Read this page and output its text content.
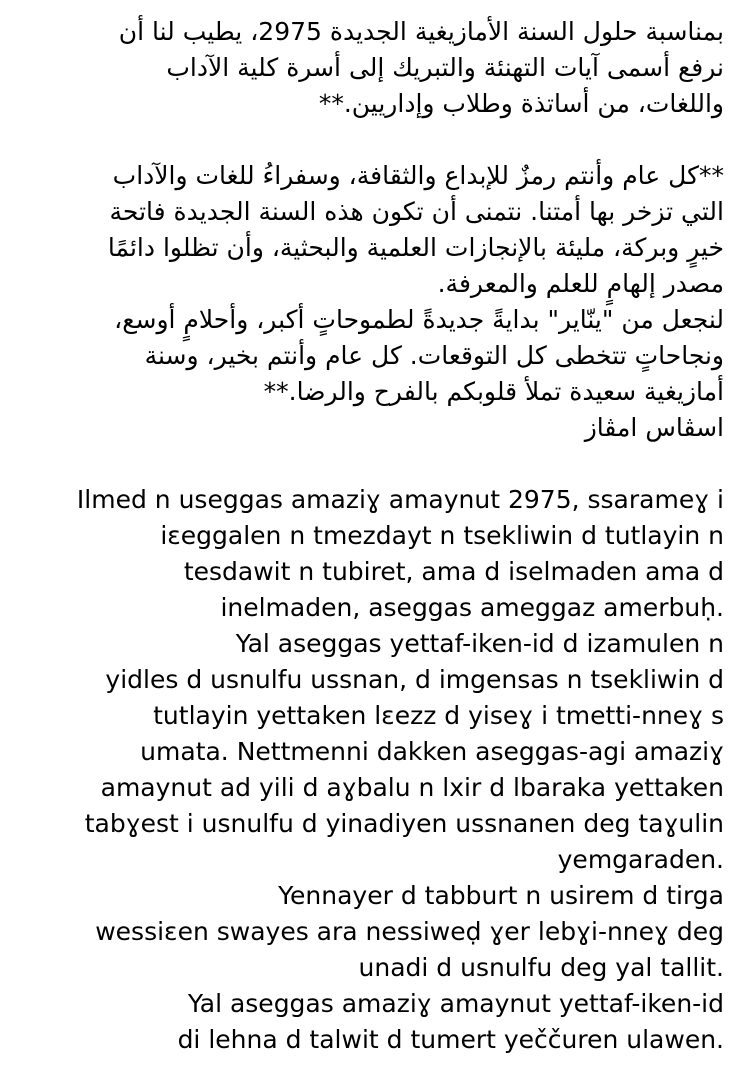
بمناسبة حلول السنة الأمازيغية الجديدة 2975، يطيب لنا أن
نرفع أسمى آيات التهنئة والتبريك إلى أسرة كلية الآداب
واللغات، من أساتذة وطلاب وإداريين.**

**كل عام وأنتم رمزٌ للإبداع والثقافة، وسفراءُ للغات والآداب
التي تزخر بها أمتنا. نتمنى أن تكون هذه السنة الجديدة فاتحة
خيرٍ وبركة، مليئة بالإنجازات العلمية والبحثية، وأن تظلوا دائمًا
مصدر إلهامٍ للعلم والمعرفة.

لنجعل من "ينّاير" بدايةً جديدةً لطموحاتٍ أكبر، وأحلامٍ أوسع،
ونجاحاتٍ تتخطى كل التوقعات. كل عام وأنتم بخير، وسنة
أمازيغية سعيدة تملأ قلوبكم بالفرح والرضا.**

اسڨاس امڨاز

Ilmed n useggas amaziɣ amaynut 2975, ssarameɣ i
iɛeggalen n tmezdayt n tsekliwin d tutlayin n
tesdawit n tubiret, ama d iselmaden ama d
inelmaden, aseggas ameggaz amerbuḥ.

Yal aseggas yettaf-iken-id d izamulen n
yidles d usnulfu ussnan, d imgensas n tsekliwin d
tutlayin yettaken lɛezz d yiseɣ i tmetti-nneɣ s
umata. Nettmenni dakken aseggas-agi amaziɣ
amaynut ad yili d aɣbalu n lxir d lbaraka yettaken
tabɣest i usnulfu d yinadiyen ussnanen deg taɣulin
yemgaraden.

Yennayer d tabburt n usirem d tirga
wessiɛen swayes ara nessiweḍ ɣer lebɣi-nneɣ deg
unadi d usnulfu deg yal tallit.

Yal aseggas amaziɣ amaynut yettaf-iken-id
di lehna d talwit d tumert yeččuren ulawen.
